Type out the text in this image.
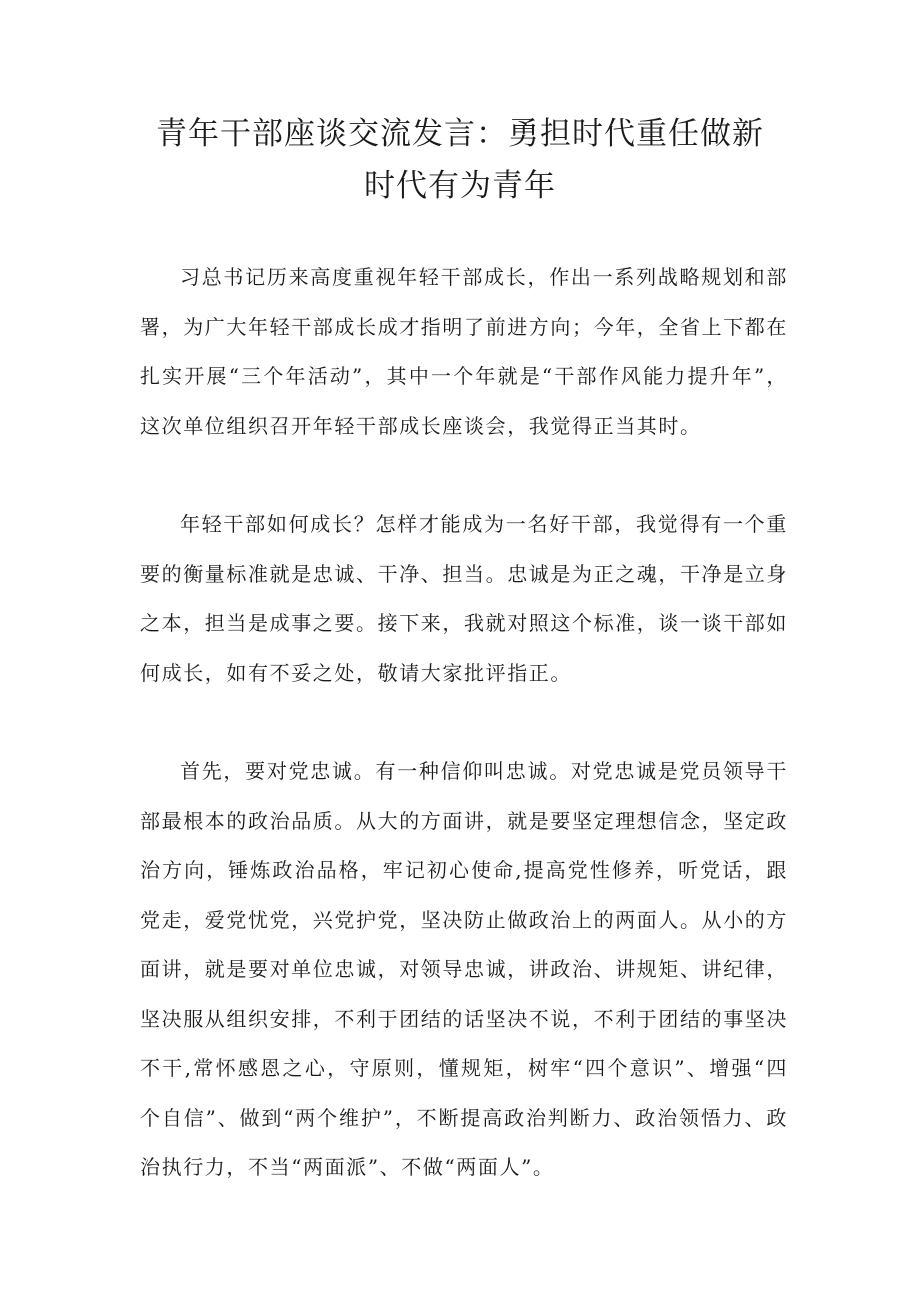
青年干部座谈交流发言：勇担时代重任做新
时代有为青年

习总书记历来高度重视年轻干部成长，作出一系列战略规划和部署，为广大年轻干部成长成才指明了前进方向；今年，全省上下都在扎实开展“三个年活动”，其中一个年就是“干部作风能力提升年”，这次单位组织召开年轻干部成长座谈会，我觉得正当其时。

年轻干部如何成长？怎样才能成为一名好干部，我觉得有一个重要的衡量标准就是忠诚、干净、担当。忠诚是为正之魂，干净是立身之本，担当是成事之要。接下来，我就对照这个标准，谈一谈干部如何成长，如有不妥之处，敬请大家批评指正。

首先，要对党忠诚。有一种信仰叫忠诚。对党忠诚是党员领导干部最根本的政治品质。从大的方面讲，就是要坚定理想信念，坚定政治方向，锤炼政治品格，牢记初心使命,提高党性修养，听党话，跟党走，爱党忧党，兴党护党，坚决防止做政治上的两面人。从小的方面讲，就是要对单位忠诚，对领导忠诚，讲政治、讲规矩、讲纪律，坚决服从组织安排，不利于团结的话坚决不说，不利于团结的事坚决不干,常怀感恩之心，守原则，懂规矩，树牢“四个意识”、增强“四个自信”、做到“两个维护”，不断提高政治判断力、政治领悟力、政治执行力，不当“两面派”、不做“两面人”。
